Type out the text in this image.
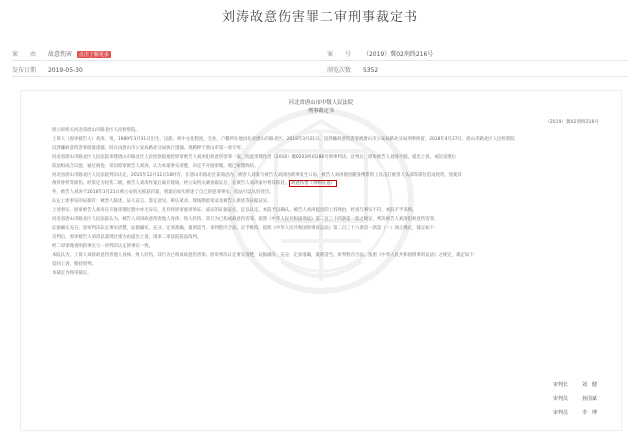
刘涛故意伤害罪二审刑事裁定书
案　　由 故意伤害 点击了解更多	案　　号 （2019）冀02刑终216号
发布日期 2019-05-30	浏览次数 5352
河北省唐山市中级人民法院
刑事裁定书
（2019）冀02刑终216号
原公诉机关河北省唐山市路北区人民检察院。
上诉人（原审被告人）刘涛，男，1989年3月31日出生，汉族，初中文化程度，无业，户籍所在地河北省唐山市路北区。2018年3月21日，因涉嫌故意伤害罪被唐山市公安局路北分局刑事拘留，2018年4月27日，唐山市路北区人民检察院
以涉嫌故意伤害罪批准逮捕，同日由唐山市公安局路北分局执行逮捕。现羁押于唐山市第一看守所。
河北省唐山市路北区人民法院审理唐山市路北区人民检察院指控原审被告人刘涛犯故意伤害罪一案，因此审理作出（2018）冀0203刑初286号刑事判决。宣判后，原审被告人刘涛不服，提出上诉。本院受理后
依法组成合议庭，通过阅卷，讯问原审被告人刘涛，认为本案事实清楚，决定不开庭审理。现已审理终结。
河北省唐山市路北区人民法院判决认定，2015年12月12日18时许，在唐山市路北区某商店内，被害人刘某与被告人刘涛因琐事发生口角，被告人刘涛使用随身携带的工具击打被害人头部等部位造成致伤，致使其
颅骨骨折等损伤。经鉴定为轻伤二级。被告人刘涛作案后离开现场。经公安机关调查取证后，在被告人刘涛家中将其抓获。 故意伤害（刑拘在逃）
外，被告人刘涛于2018年3月21日被公安机关抓获归案，到案后如实供述了自己的犯罪事实，依法可以从轻处罚。
认定上述事实的证据有：被害人陈述、证人证言、鉴定意见、辨认笔录、现场勘验笔录及被告人供述等证据证实。
上述事实，原审被告人刘涛在开庭审理过程中亦无异议，且有经原审庭审举证、质证的证据证实，足以认定，本院予以确认。被告人刘涛提出的上诉理由，经查与事实不符，本院不予采纳。
河北省唐山市路北区人民法院认为，被告人刘涛故意伤害他人身体，致人轻伤，其行为已构成故意伤害罪。依照《中华人民共和国刑法》第二百三十四条第一款之规定，判决被告人刘涛犯故意伤害罪。
证据确实充分，原审判决认定事实清楚，证据确实、充分，定罪准确，量刑适当，审判程序合法，应予维持。依照《中华人民共和国刑事诉讼法》第二百三十六条第一款第（一）项之规定，裁定如下：
宣判后，原审被告人刘涛以量刑过重为由提出上诉，请求二审法院依法改判。
经二审审理查明的事实与一审判决认定的事实一致。
本院认为，上诉人刘涛故意伤害他人身体，致人轻伤，其行为已构成故意伤害罪。原审判决认定事实清楚，证据确实、充分，定罪准确，量刑适当，审判程序合法。依照《中华人民共和国刑事诉讼法》之规定，裁定如下：
驳回上诉，维持原判。
本裁定为终审裁定。
审判长	刘　健
审判员	孙国斌
审判员	李　博
